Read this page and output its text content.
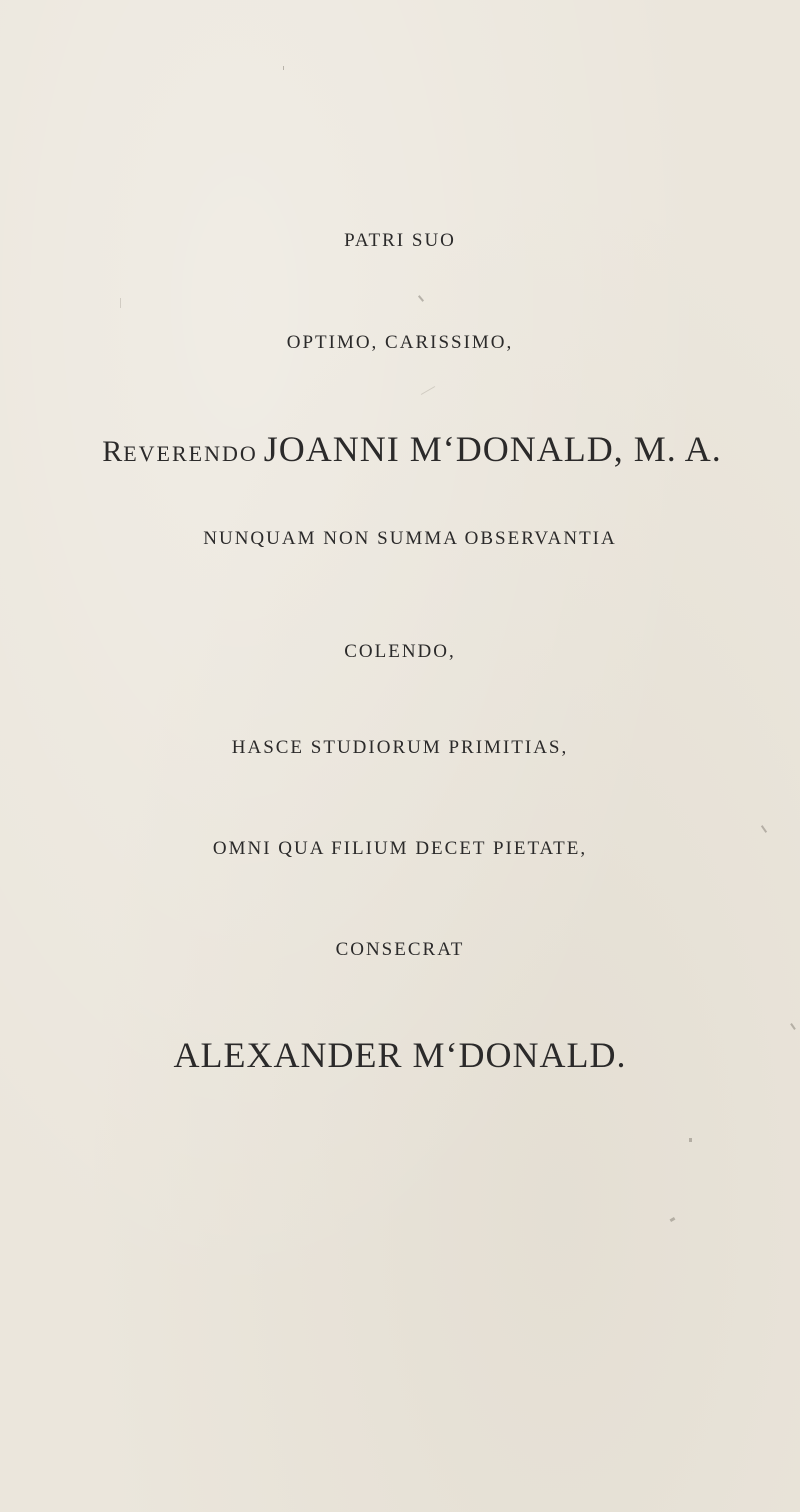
PATRI SUO
OPTIMO, CARISSIMO,
REVERENDO JOANNI M‘DONALD, M. A.
NUNQUAM NON SUMMA OBSERVANTIA
COLENDO,
HASCE STUDIORUM PRIMITIAS,
OMNI QUA FILIUM DECET PIETATE,
CONSECRAT
ALEXANDER M‘DONALD.
